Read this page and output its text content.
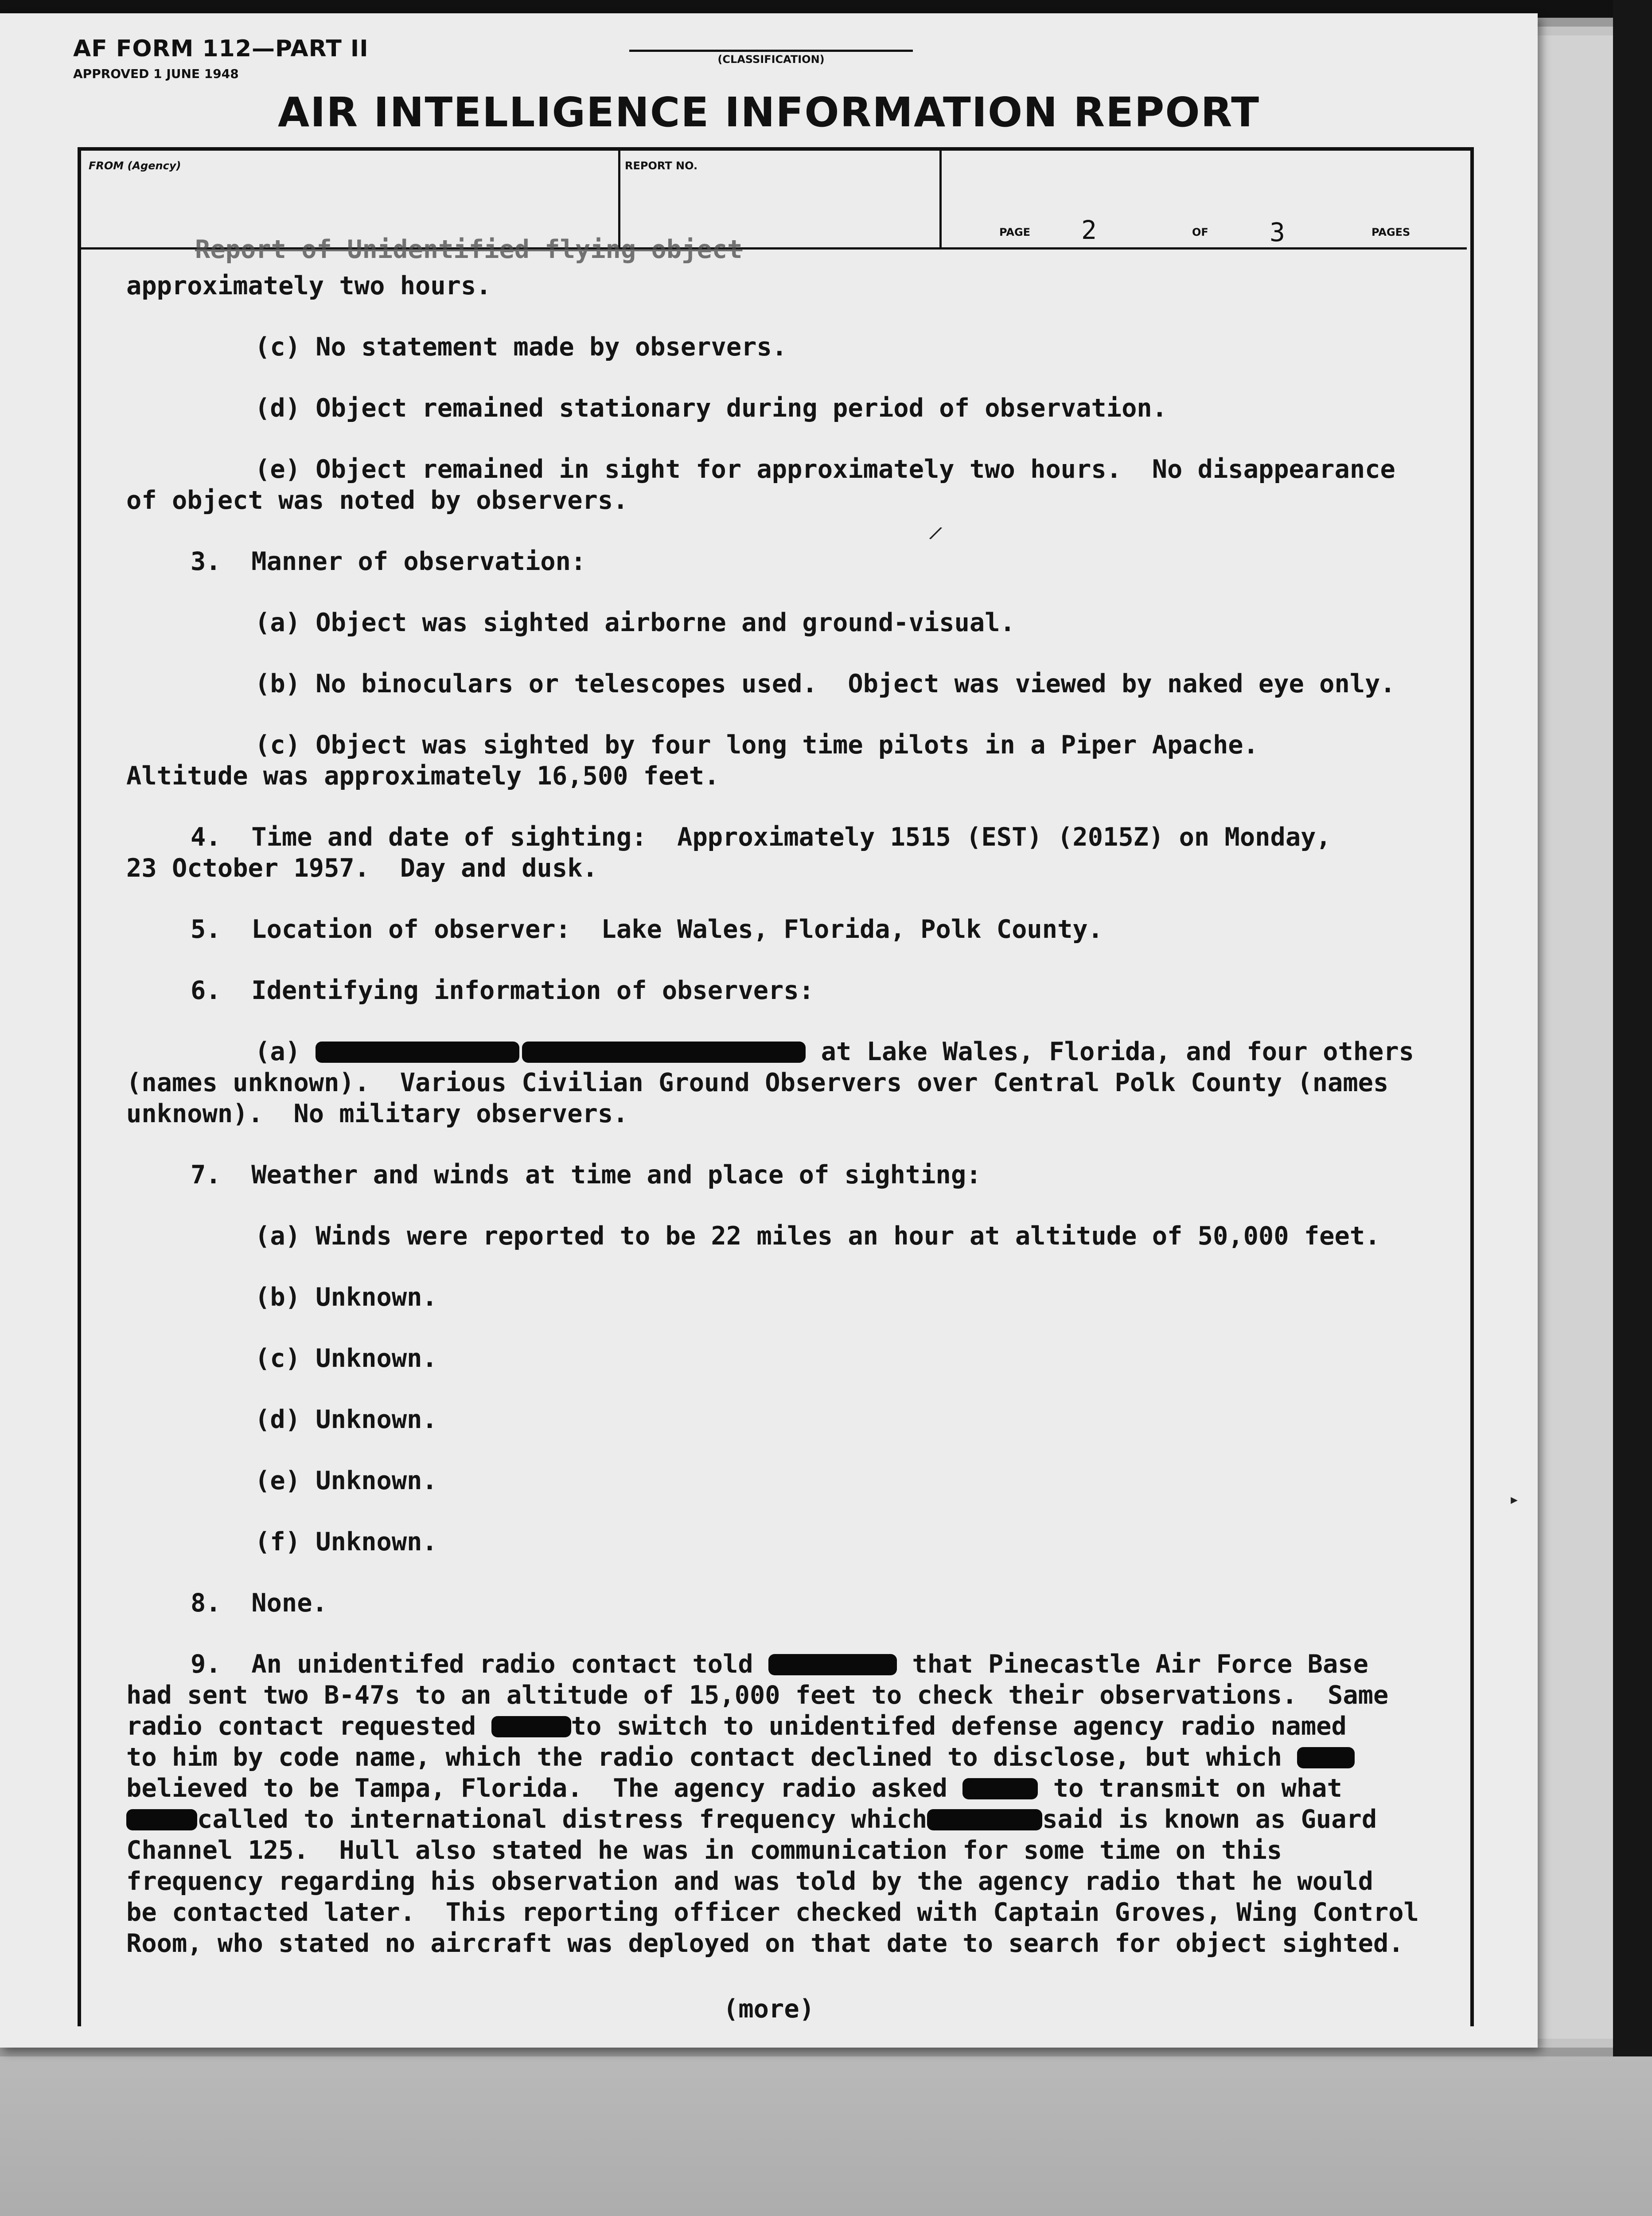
AF FORM 112—PART II
APPROVED 1 JUNE 1948
(CLASSIFICATION)
AIR INTELLIGENCE INFORMATION REPORT
FROM (Agency)	REPORT NO.
PAGE 2	OF 3	PAGES
Report of Unidentified flying object
approximately two hours.
(c) No statement made by observers.
(d) Object remained stationary during period of observation.
(e) Object remained in sight for approximately two hours.  No disappearance
of object was noted by observers.
3.  Manner of observation:
(a) Object was sighted airborne and ground-visual.
(b) No binoculars or telescopes used.  Object was viewed by naked eye only.
(c) Object was sighted by four long time pilots in a Piper Apache.
Altitude was approximately 16,500 feet.
4.  Time and date of sighting:  Approximately 1515 (EST) (2015Z) on Monday,
23 October 1957.  Day and dusk.
5.  Location of observer:  Lake Wales, Florida, Polk County.
6.  Identifying information of observers:
(a)	at Lake Wales, Florida, and four others
(names unknown).  Various Civilian Ground Observers over Central Polk County (names
unknown).  No military observers.
7.  Weather and winds at time and place of sighting:
(a) Winds were reported to be 22 miles an hour at altitude of 50,000 feet.
(b) Unknown.
(c) Unknown.
(d) Unknown.
(e) Unknown.
(f) Unknown.
8.  None.
9.  An unidentifed radio contact told	that Pinecastle Air Force Base
had sent two B-47s to an altitude of 15,000 feet to check their observations.  Same
radio contact requested	to switch to unidentifed defense agency radio named
to him by code name, which the radio contact declined to disclose, but which
believed to be Tampa, Florida.  The agency radio asked	to transmit on what
called to international distress frequency which	said is known as Guard
Channel 125.  Hull also stated he was in communication for some time on this
frequency regarding his observation and was told by the agency radio that he would
be contacted later.  This reporting officer checked with Captain Groves, Wing Control
Room, who stated no aircraft was deployed on that date to search for object sighted.
(more)
/
▸
